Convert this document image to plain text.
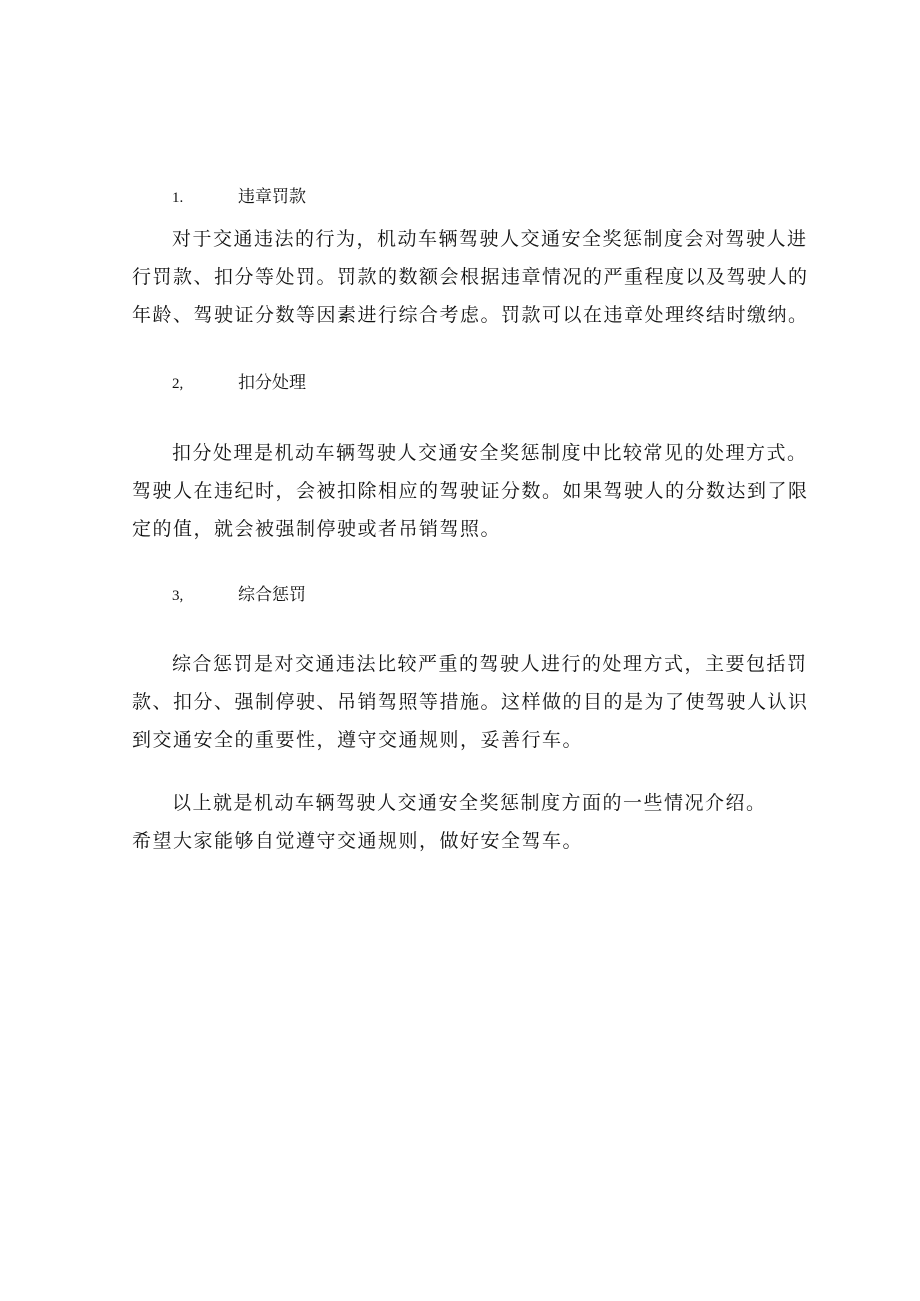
1.	违章罚款
对于交通违法的行为，机动车辆驾驶人交通安全奖惩制度会对驾驶人进
行罚款、扣分等处罚。罚款的数额会根据违章情况的严重程度以及驾驶人的
年龄、驾驶证分数等因素进行综合考虑。罚款可以在违章处理终结时缴纳。
2,	扣分处理
扣分处理是机动车辆驾驶人交通安全奖惩制度中比较常见的处理方式。
驾驶人在违纪时，会被扣除相应的驾驶证分数。如果驾驶人的分数达到了限
定的值，就会被强制停驶或者吊销驾照。
3,	综合惩罚
综合惩罚是对交通违法比较严重的驾驶人进行的处理方式，主要包括罚
款、扣分、强制停驶、吊销驾照等措施。这样做的目的是为了使驾驶人认识
到交通安全的重要性，遵守交通规则，妥善行车。
以上就是机动车辆驾驶人交通安全奖惩制度方面的一些情况介绍。
希望大家能够自觉遵守交通规则，做好安全驾车。
